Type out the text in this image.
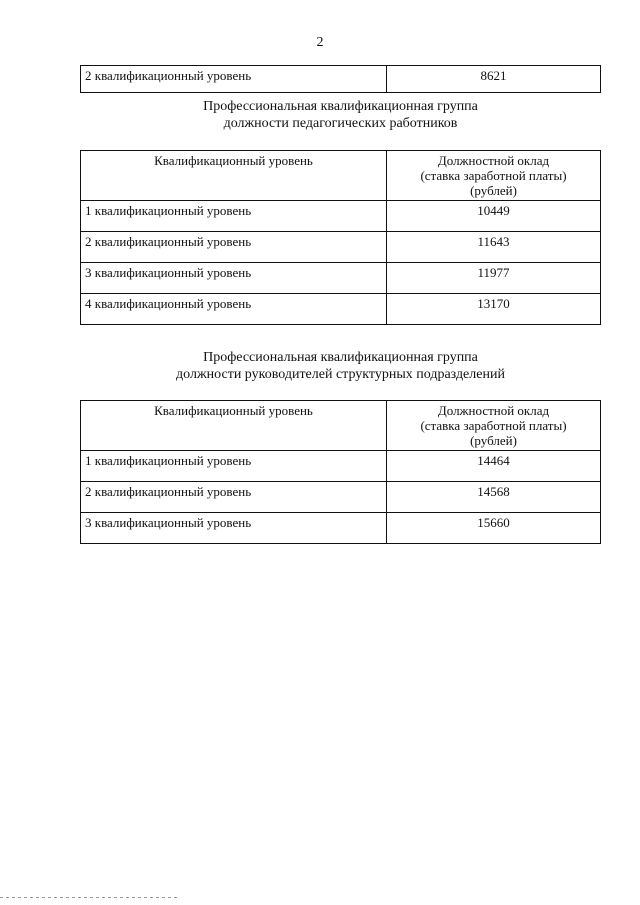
2
2 квалификационный уровень	8621
Профессиональная квалификационная группа
должности педагогических работников
Квалификационный уровень	Должностной оклад
(ставка заработной платы)
(рублей)

1 квалификационный уровень	10449
2 квалификационный уровень	11643
3 квалификационный уровень	11977
4 квалификационный уровень	13170
Профессиональная квалификационная группа
должности руководителей структурных подразделений
Квалификационный уровень	Должностной оклад
(ставка заработной платы)
(рублей)

1 квалификационный уровень	14464
2 квалификационный уровень	14568
3 квалификационный уровень	15660
